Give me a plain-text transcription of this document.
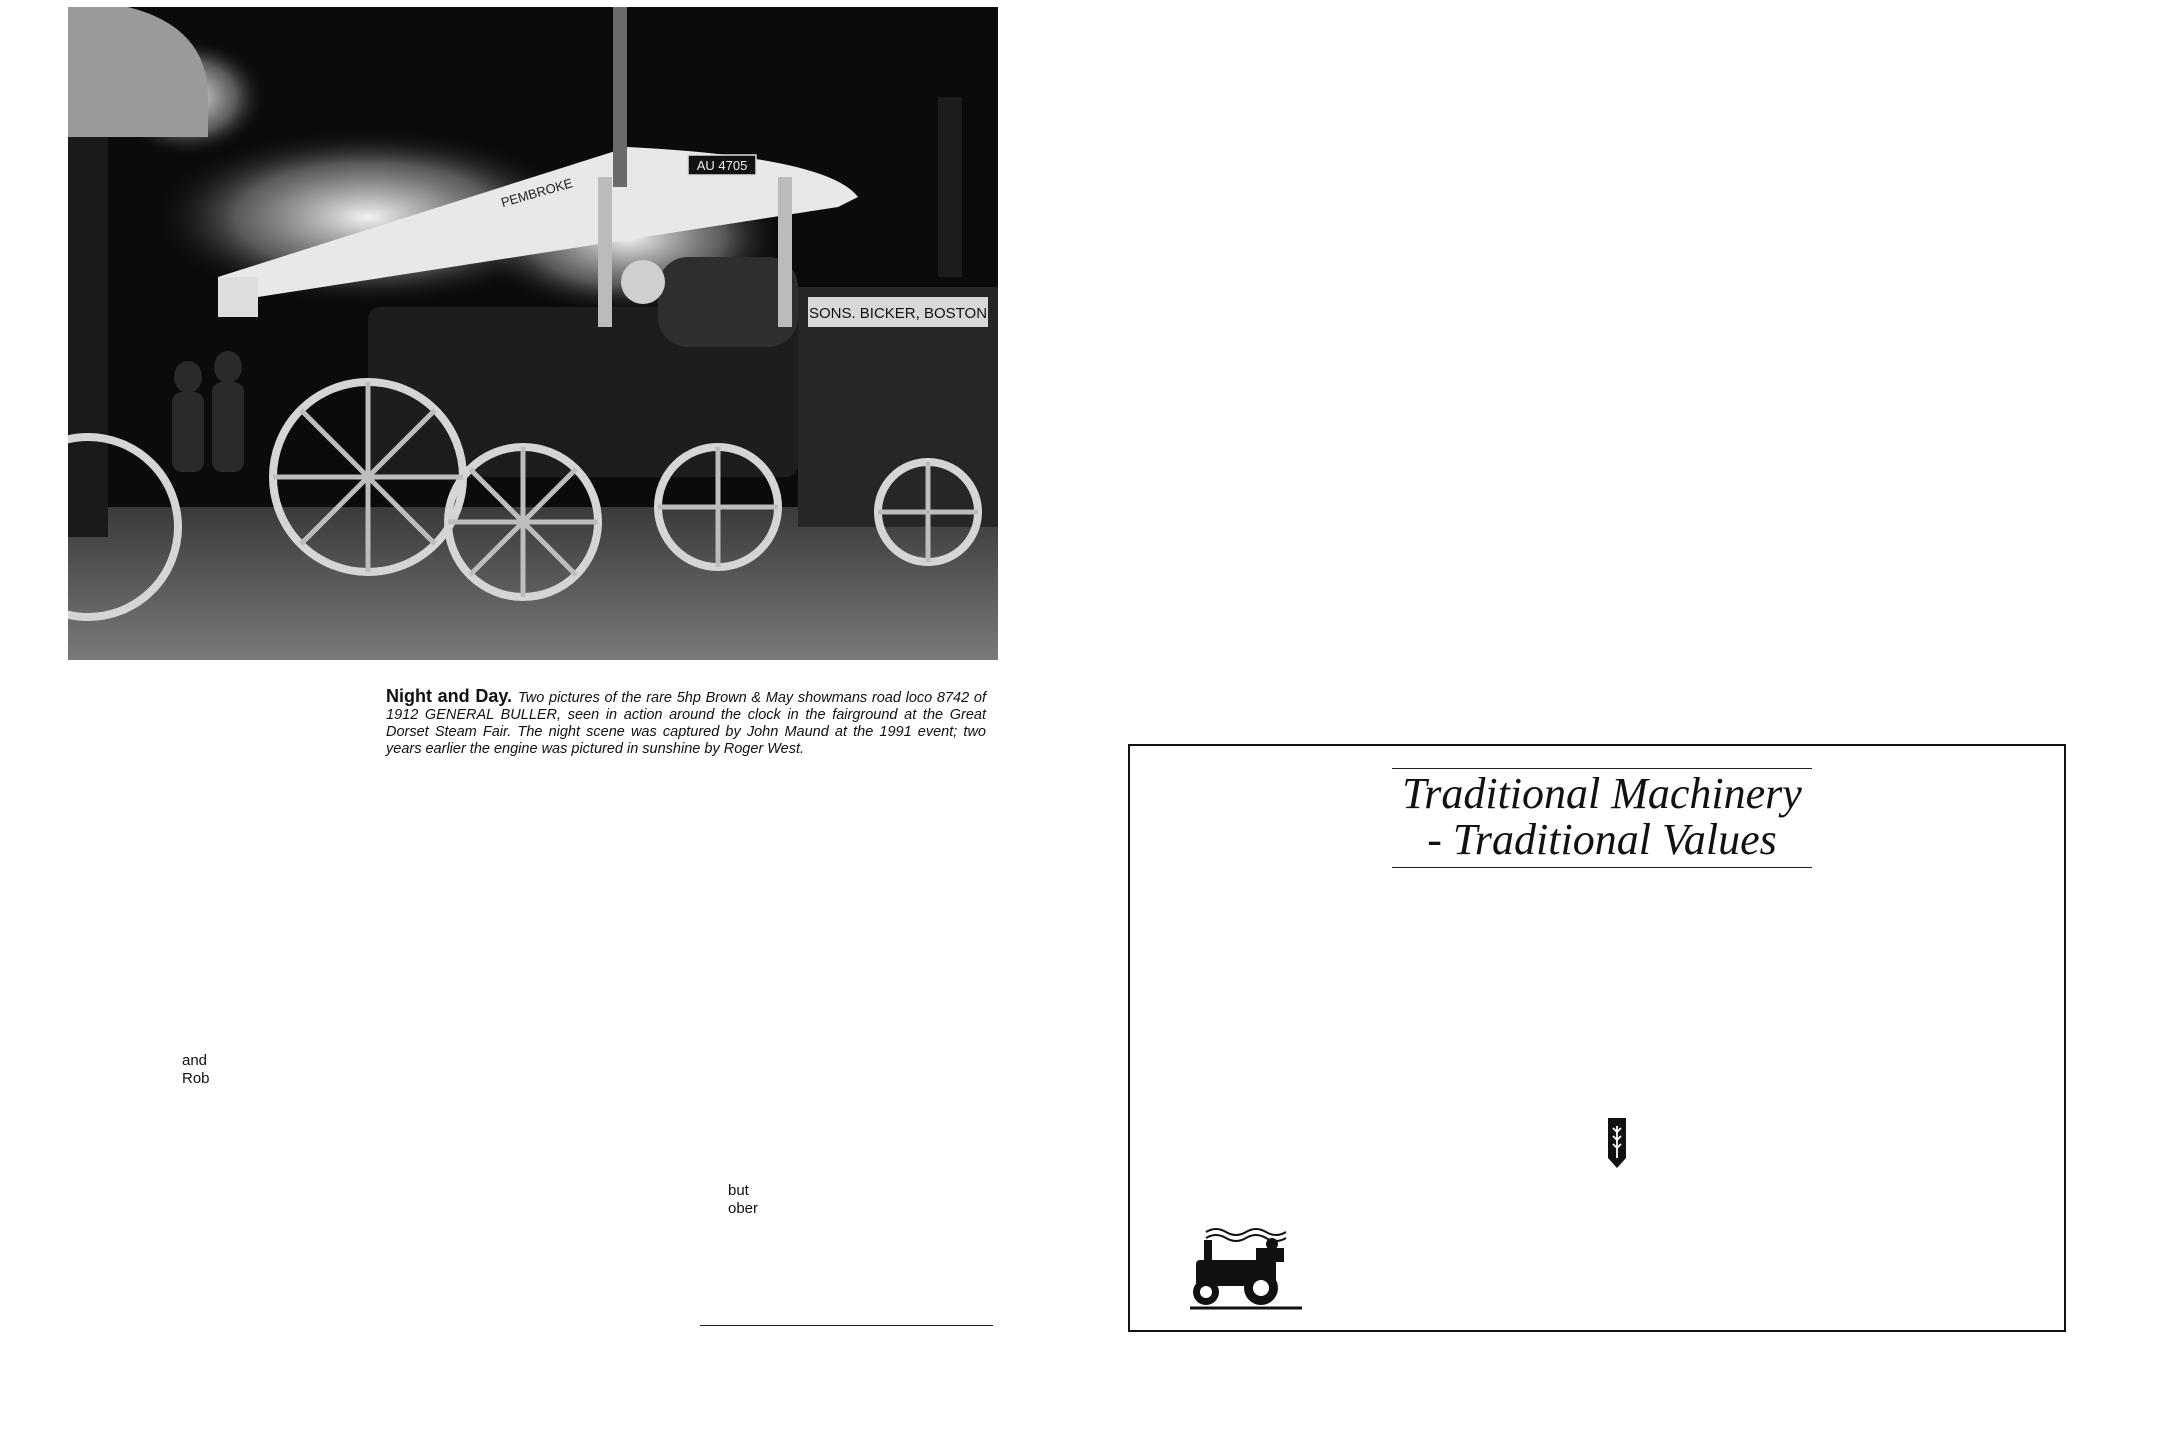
AU 4705
SONS. BICKER, BOSTON
PEMBROKE
Night and Day. Two pictures of the rare 5hp Brown & May showmans road loco 8742 of 1912 GENERAL BULLER, seen in action around the clock in the fairground at the Great Dorset Steam Fair. The night scene was captured by John Maund at the 1991 event; two years earlier the engine was pictured in sunshine by Roger West.
and
Rob
but
ober
Traditional Machinery
- Traditional Values
